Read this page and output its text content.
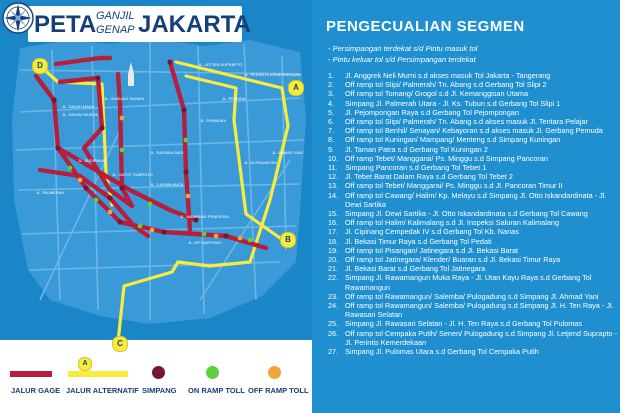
JL. LETJEN SUPRAPTO
JL. PERINTIS KEMERDEKAAN
JL. GUNUNG SAHARI
JL. GAJAH MADA
JL. HAYAM WURUK
JL. PRAMUKA
JL. PEMUDA
JL. RASUNA SAID
JL. GATOT SUBROTO
JL. SUDIRMAN
JL. CASABLANCA
JL. MT HARYONO
JL. DI PANJAITAN
JL. AHMAD YANI
JL. MAMPANG PRAPATAN
JL. PALMERAH
A
B
C
D
PETA GANJIL
GENAP JAKARTA
JALUR GAGE
A
JALUR ALTERNATIF SIMPANG ON RAMP TOLL OFF RAMP TOLL
PENGECUALIAN SEGMEN
- Persimpangan terdekat s/d Pintu masuk tol
- Pintu keluar tol s/d Persimpangan terdekat
1.	Jl. Anggrek Neli Murni s.d akses masuk Tol Jakarta - Tangerang
2.	Off ramp tol Slipi/ Palmerah/ Tn. Abang s.d Gerbang Tol Slipi 2
3.	Off ramp tol Tomang/ Grogol s.d Jl. Kemanggisan Utama
4.	Simpang Jl. Palmerah Utara - Jl. Ks. Tubun s.d Gerbang Tol Slipi 1
5.	Jl. Pejompongan Raya s.d Gerbang Tol Pejompongan
6.	Off ramp tol Slipi/ Palmerah/ Tn. Abang s.d akses masuk Jl. Tentara Pelajar
7.	Off ramp tol Benhil/ Senayan/ Kebayoran s.d akses masuk Jl. Gerbang Pemuda
8.	Off ramp tol Kuningan/ Mampang/ Menteng s.d Simpang Kuningan
9.	Jl. Taman Patra s.d Gerbang Tol Kuningan 2
10. Off ramp Tebet/ Manggarai/ Ps. Minggu s.d Simpang Pancoran
11.	Simpang Pancoran s.d Gerbang Tol Tebet 1
12. Jl. Tebet Barat Dalam Raya s.d Gerbang Tol Tebet 2
13. Off ramp tol Tebet/ Manggarai/ Ps. Minggu s.d Jl. Pancoran Timur II
14. Off ramp tol Cawang/ Halim/ Kp. Melayu s.d Simpang Jl. Otto Iskandardinata - Jl. Dewi Sartika
15. Simpang Jl. Dewi Sartika - Jl. Otto Iskandardinata s.d Gerbang Tol Cawang
16. Off ramp tol Halim/ Kalimalang s.d Jl. Inspeksi Saluran Kalimalang
17. Jl. Cipinang Cempedak IV s.d Gerbang Tol Kb. Nanas
18. Jl. Bekasi Timur Raya s.d Gerbang Tol Pedati
19. Off ramp tol Pisangan/ Jatinegara s.d Jl. Bekasi Barat
20. Off ramp tol Jatinegara/ Klender/ Buaran s.d Jl. Bekasi Timur Raya
21. Jl. Bekasi Barat s.d Gerbang Tol Jatinegara
22. Simpang Jl. Rawamangun Muka Raya - Jl. Utan Kayu Raya s.d Gerbang Tol Rawamangun
23. Off ramp tol Rawamangun/ Salemba/ Pulogadung s.d Simpang Jl. Ahmad Yani
24. Off ramp tol Rawamangun/ Salemba/ Pulogadung s.d Simpang Jl. H. Ten Raya - Jl. Rawasari Selatan
25. Simpang Jl. Rawasari Selatan - Jl. H. Ten Raya s.d Gerbang Tol Pulomas
26. Off ramp tol Cempaka Putih/ Senen/ Pulogadung s.d Simpang Jl. Letjend Suprapto - Jl. Perintis Kemerdekaan
27. Simpang Jl. Pulomas Utara s.d Gerbang Tol Cempaka Putih
